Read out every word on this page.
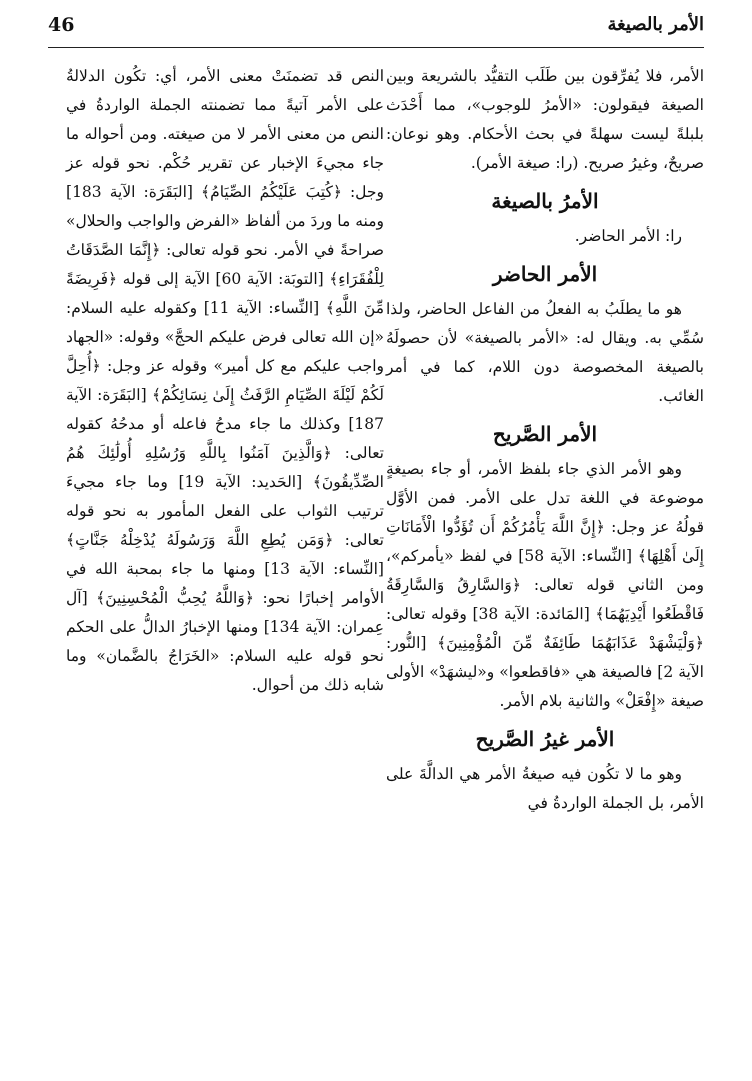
46	الأمر بالصيغة

الأمر، فلا يُفرِّقون بين طَلَب التقيُّد بالشريعة وبين الصيغة فيقولون: «الأمرُ للوجوب»، مما أَحْدَث بلبلةً ليست سهلةً في بحث الأحكام. وهو نوعان: صريحٌ، وغيرُ صريح. (را: صيغة الأمر).

الأمرُ بالصيغة

را: الأمر الحاضر.

الأمر الحاضر

هو ما يطلَبُ به الفعلُ من الفاعل الحاضر، ولذا سُمِّي به. ويقال له: «الأمر بالصيغة» لأن حصولَهُ بالصيغة المخصوصة دون اللام، كما في أمر الغائب.

الأمر الصَّريح

وهو الأمر الذي جاء بلفظ الأمر، أو جاء بصيغةٍ موضوعة في اللغة تدل على الأمر. فمن الأوَّل قولُهُ عز وجل: ﴿إِنَّ اللَّهَ يَأْمُرُكُمْ أَن تُؤَدُّوا الْأَمَانَاتِ إِلَىٰ أَهْلِهَا﴾ [النِّساء: الآية 58] في لفظ «يأمركم»، ومن الثاني قوله تعالى: ﴿وَالسَّارِقُ وَالسَّارِقَةُ فَاقْطَعُوا أَيْدِيَهُمَا﴾ [المَائدة: الآية 38] وقوله تعالى: ﴿وَلْيَشْهَدْ عَذَابَهُمَا طَائِفَةٌ مِّنَ الْمُؤْمِنِينَ﴾ [النُّور: الآية 2] فالصيغة هي «فاقطعوا» و«ليشهَدْ» الأولى صيغة «إِفْعَلْ» والثانية بلام الأمر.

الأمر غيرُ الصَّريح

وهو ما لا تكُون فيه صيغةُ الأمر هي الدالَّةَ على الأمر، بل الجملة الواردةُ في

النص قد تضمنَتْ معنى الأمر، أي: تكُون الدلالةُ على الأمر آتيةً مما تضمنته الجملة الواردةُ في النص من معنى الأمر لا من صيغته. ومن أحواله ما جاء مجيءَ الإخبار عن تقرير حُكْم. نحو قوله عز وجل: ﴿كُتِبَ عَلَيْكُمُ الصِّيَامُ﴾ [البَقَرَة: الآية 183] ومنه ما وردَ من ألفاظ «الفرض والواجب والحلال» صراحةً في الأمر. نحو قوله تعالى: ﴿إِنَّمَا الصَّدَقَاتُ لِلْفُقَرَاءِ﴾ [التوبَة: الآية 60] الآية إلى قوله ﴿فَرِيضَةً مِّنَ اللَّهِ﴾ [النِّساء: الآية 11] وكقوله عليه السلام: «إن الله تعالى فرض عليكم الحجَّ» وقوله: «الجهاد واجب عليكم مع كل أمير» وقوله عز وجل: ﴿أُحِلَّ لَكُمْ لَيْلَةَ الصِّيَامِ الرَّفَثُ إِلَىٰ نِسَائِكُمْ﴾ [البَقَرَة: الآية 187] وكذلك ما جاء مدحُ فاعله أو مدحُهُ كقوله تعالى: ﴿وَالَّذِينَ آمَنُوا بِاللَّهِ وَرُسُلِهِ أُولَٰئِكَ هُمُ الصِّدِّيقُونَ﴾ [الحَديد: الآية 19] وما جاء مجيءَ ترتيب الثواب على الفعل المأمور به نحو قوله تعالى: ﴿وَمَن يُطِعِ اللَّهَ وَرَسُولَهُ يُدْخِلْهُ جَنَّاتٍ﴾ [النِّساء: الآية 13] ومنها ما جاء بمحبة الله في الأوامر إخبارًا نحو: ﴿وَاللَّهُ يُحِبُّ الْمُحْسِنِينَ﴾ [آل عِمران: الآية 134] ومنها الإخبارُ الدالُّ على الحكم نحو قوله عليه السلام: «الخَرَاجُ بالضَّمان» وما شابه ذلك من أحوال.
